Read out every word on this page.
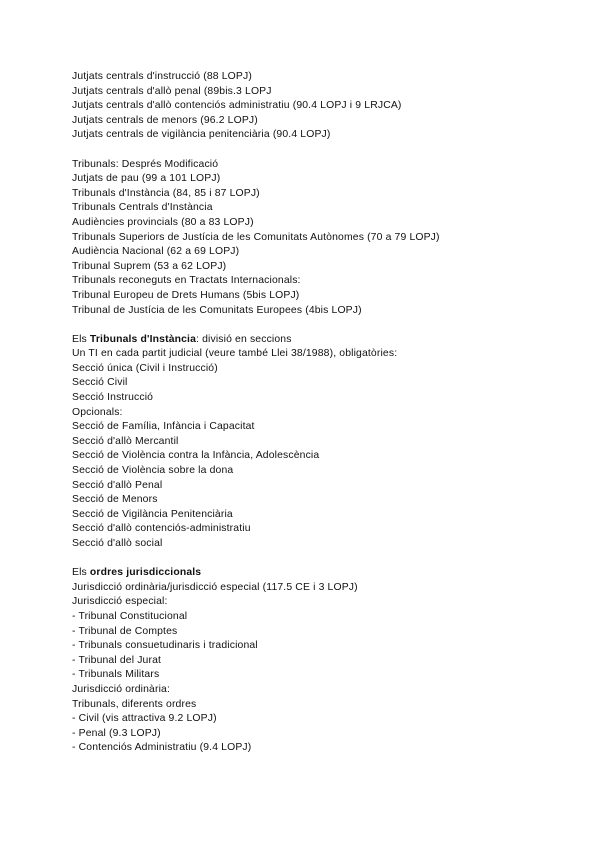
Jutjats centrals d'instrucció (88 LOPJ)
Jutjats centrals d'allò penal (89bis.3 LOPJ
Jutjats centrals d'allò contenciós administratiu (90.4 LOPJ i 9 LRJCA)
Jutjats centrals de menors (96.2 LOPJ)
Jutjats centrals de vigilància penitenciària (90.4 LOPJ)
Tribunals: Després Modificació
Jutjats de pau (99 a 101 LOPJ)
Tribunals d'Instància (84, 85 i 87 LOPJ)
Tribunals Centrals d'Instància
Audiències provincials (80 a 83 LOPJ)
Tribunals Superiors de Justícia de les Comunitats Autònomes (70 a 79 LOPJ)
Audiència Nacional (62 a 69 LOPJ)
Tribunal Suprem (53 a 62 LOPJ)
Tribunals reconeguts en Tractats Internacionals:
Tribunal Europeu de Drets Humans (5bis LOPJ)
Tribunal de Justícia de les Comunitats Europees (4bis LOPJ)
Els Tribunals d'Instància: divisió en seccions
Un TI en cada partit judicial (veure també Llei 38/1988), obligatòries:
Secció única (Civil i Instrucció)
Secció Civil
Secció Instrucció
Opcionals:
Secció de Família, Infància i Capacitat
Secció d'allò Mercantil
Secció de Violència contra la Infància, Adolescència
Secció de Violència sobre la dona
Secció d'allò Penal
Secció de Menors
Secció de Vigilància Penitenciària
Secció d'allò contenciós-administratiu
Secció d'allò social
Els ordres jurisdiccionals
Jurisdicció ordinària/jurisdicció especial (117.5 CE i 3 LOPJ)
Jurisdicció especial:
- Tribunal Constitucional
- Tribunal de Comptes
- Tribunals consuetudinaris i tradicional
- Tribunal del Jurat
- Tribunals Militars
Jurisdicció ordinària:
Tribunals, diferents ordres
- Civil (vis attractiva 9.2 LOPJ)
- Penal (9.3 LOPJ)
- Contenciós Administratiu (9.4 LOPJ)
